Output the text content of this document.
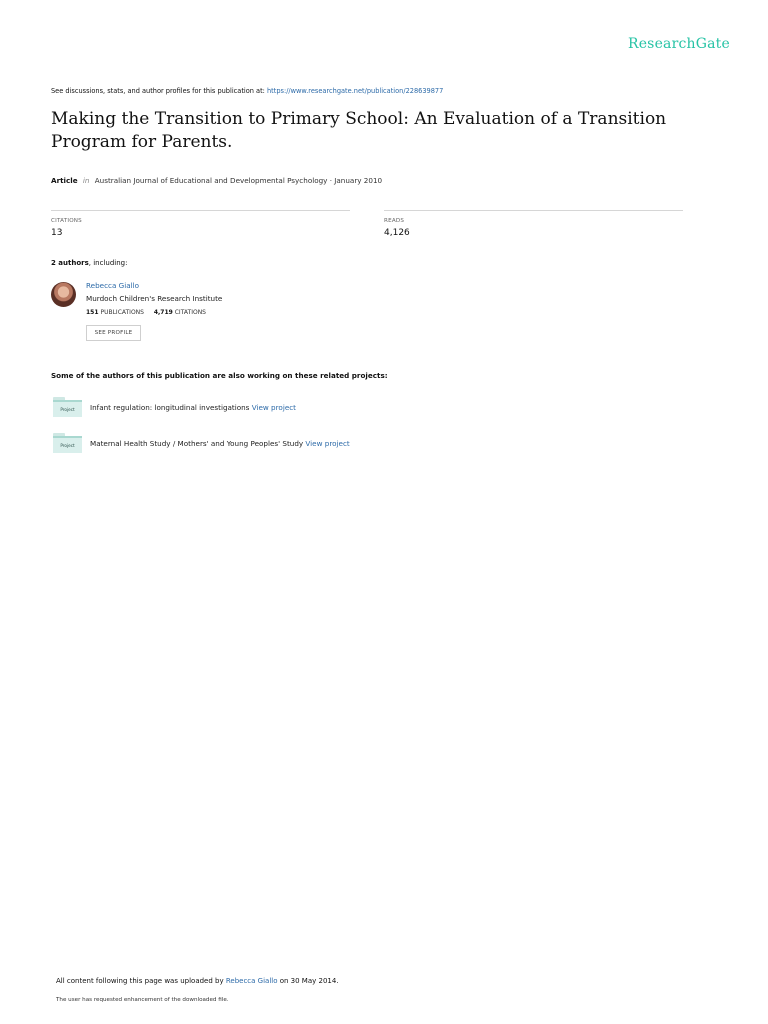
ResearchGate
See discussions, stats, and author profiles for this publication at: https://www.researchgate.net/publication/228639877
Making the Transition to Primary School: An Evaluation of a Transition Program for Parents.
Article in Australian Journal of Educational and Developmental Psychology · January 2010
CITATIONS
13
READS
4,126
2 authors, including:
Rebecca Giallo
Murdoch Children's Research Institute
151 PUBLICATIONS 4,719 CITATIONS
SEE PROFILE
Some of the authors of this publication are also working on these related projects:
Project Infant regulation: longitudinal investigations View project
Project Maternal Health Study / Mothers' and Young Peoples' Study View project
All content following this page was uploaded by Rebecca Giallo on 30 May 2014.
The user has requested enhancement of the downloaded file.
